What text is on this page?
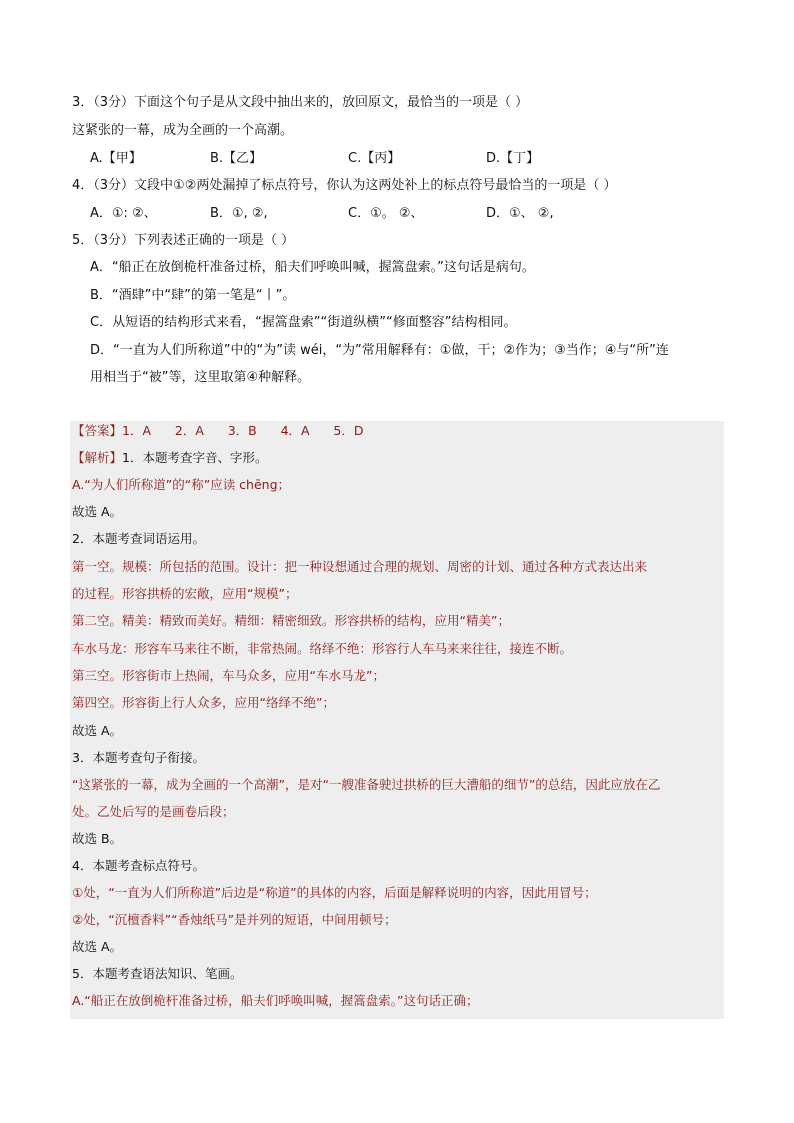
3．（3分）下面这个句子是从文段中抽出来的，放回原文，最恰当的一项是（ ）
这紧张的一幕，成为全画的一个高潮。
A.【甲】	B.【乙】	C.【丙】	D.【丁】
4．（3分）文段中①②两处漏掉了标点符号，你认为这两处补上的标点符号最恰当的一项是（ ）
A．①: ②、	B．①, ②,	C．①。 ②、	D．①、 ②,
5．（3分）下列表述正确的一项是（ ）
A．“船正在放倒桅杆准备过桥，船夫们呼唤叫喊，握篙盘索。”这句话是病句。
B．“酒肆”中“肆”的第一笔是“丨”。
C．从短语的结构形式来看，“握篙盘索”“街道纵横”“修面整容”结构相同。
D．“一直为人们所称道”中的“为”读 wéi，“为”常用解释有：①做，干；②作为；③当作；④与“所”连
用相当于“被”等，这里取第④种解释。
【答案】1．A      2．A      3．B      4．A      5．D
【解析】1．本题考查字音、字形。
A.“为人们所称道”的“称”应读 chēng；
故选 A。
2．本题考查词语运用。
第一空。规模：所包括的范围。设计：把一种设想通过合理的规划、周密的计划、通过各种方式表达出来
的过程。形容拱桥的宏敞，应用“规模”；
第二空。精美：精致而美好。精细：精密细致。形容拱桥的结构，应用“精美”；
车水马龙：形容车马来往不断，非常热闹。络绎不绝：形容行人车马来来往往，接连不断。
第三空。形容街市上热闹，车马众多，应用“车水马龙”；
第四空。形容街上行人众多，应用“络绎不绝”；
故选 A。
3．本题考查句子衔接。
“这紧张的一幕，成为全画的一个高潮”，是对“一艘准备驶过拱桥的巨大漕船的细节”的总结，因此应放在乙
处。乙处后写的是画卷后段；
故选 B。
4．本题考查标点符号。
①处，“一直为人们所称道”后边是“称道”的具体的内容，后面是解释说明的内容，因此用冒号；
②处，“沉檀香料”“香烛纸马”是并列的短语，中间用顿号；
故选 A。
5．本题考查语法知识、笔画。
A.“船正在放倒桅杆准备过桥，船夫们呼唤叫喊，握篙盘索。”这句话正确；
